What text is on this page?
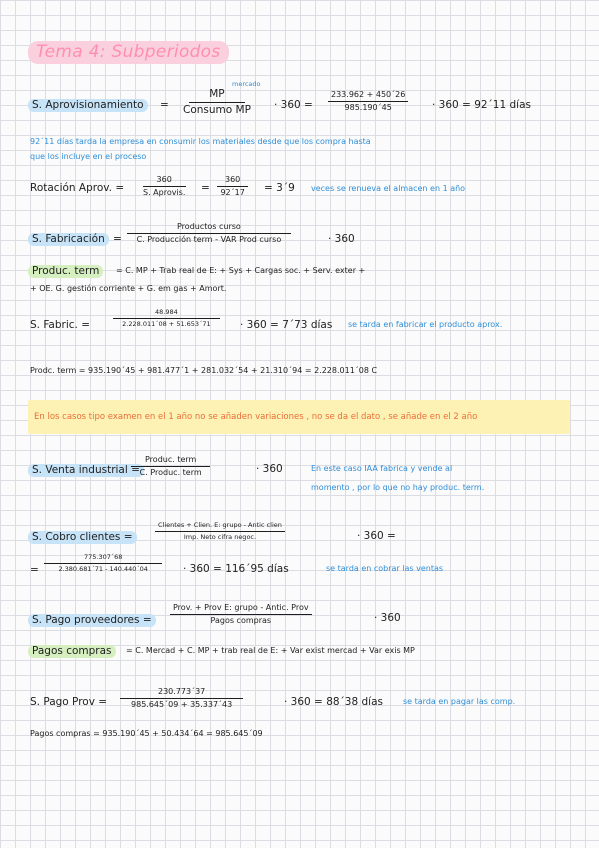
Tema 4: Subperiodos
S. Aprovisionamiento	=
mercado
MP
Consumo MP · $360 = \frac{233.962 + 450´26}{985.190´45} \cdot 360$ = 92´11 días
92´11 días tarda la empresa en consumir los materiales desde que los compra hasta
que los incluye en el proceso
Rotación Aprov. =
360
S. Aprovis. = $\frac{360}{92´17}$ = 3´9 veces se renueva el almacen en 1 año
S. Fabricación =
Productos curso
C. Producción term - VAR Prod curso	· 360
Produc. term	= C. MP + Trab real de E: + Sys + Cargas soc. + Serv. exter +
+ OE. G. gestión corriente + G. em gas + Amort.
S. Fabric. =	$\frac{48.984}{2.228.011´08 + 51.653´71} \cdot 360$ = 7´73 días se tarda en fabricar el producto aprox.
Prodc. term = 935.190´45 + 981.477´1 + 281.032´54 + 21.310´94 = 2.228.011´08 C
En los casos tipo examen en el 1 año no se añaden variaciones , no se da el dato , se añade en el 2 año
S. Venta industrial =
Produc. term
C. Produc. term	· 360	En este caso IAA fabrica y vende al
momento , por lo que no hay produc. term.
S. Cobro clientes =
Clientes + Clien. E: grupo - Antic clien
Imp. Neto cifra negoc.	· 360 =
= $\frac{775.307´68}{2.380.681´71 - 140.440´04} \cdot 360$ = 116´95 días	se tarda en cobrar las ventas
S. Pago proveedores =
Prov. + Prov E: grupo - Antic. Prov
Pagos compras	· 360
Pagos compras	= C. Mercad + C. MP + trab real de E: + Var exist mercad + Var exis MP
S. Pago Prov = $\frac{230.773´37}{985.645´09 + 35.337´43}$	· 360 = 88´38 días	se tarda en pagar las comp.
Pagos compras = 935.190´45 + 50.434´64 = 985.645´09
